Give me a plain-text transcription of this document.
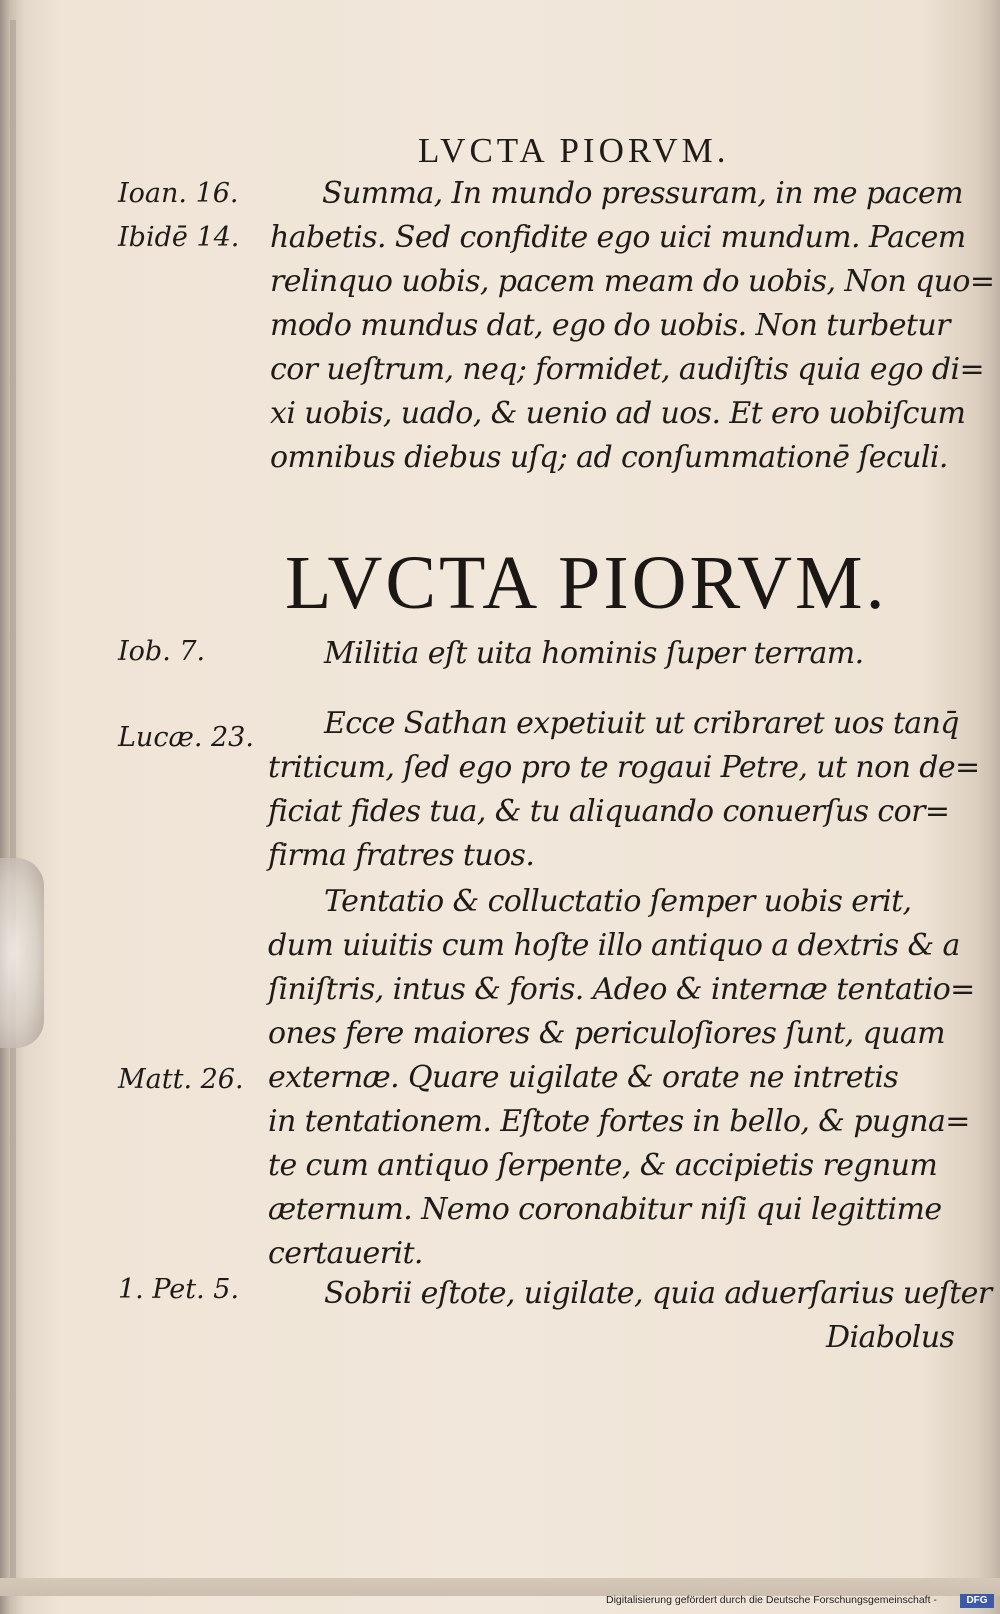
LVCTA PIORVM.
Ioan. 16.
Ibidē 14.
Iob. 7.
Lucæ. 23.
Matt. 26.
1. Pet. 5.
Summa, In mundo pressuram, in me pacem
habetis. Sed confidite ego uici mundum. Pacem
relinquo uobis, pacem meam do uobis, Non quo=
modo mundus dat, ego do uobis. Non turbetur
cor ueſtrum, neq; formidet, audiſtis quia ego di=
xi uobis, uado, & uenio ad uos. Et ero uobiſcum
omnibus diebus uſq; ad conſummationē ſeculi.
LVCTA PIORVM.
Militia eſt uita hominis ſuper terram.
Ecce Sathan expetiuit ut cribraret uos tanq̄
triticum, ſed ego pro te rogaui Petre, ut non de=
ficiat fides tua, & tu aliquando conuerſus cor=
firma fratres tuos.
Tentatio & colluctatio ſemper uobis erit,
dum uiuitis cum hoſte illo antiquo a dextris & a
ſiniſtris, intus & foris. Adeo & internæ tentatio=
ones fere maiores & periculoſiores ſunt, quam
externæ. Quare uigilate & orate ne intretis
in tentationem. Eſtote fortes in bello, & pugna=
te cum antiquo ſerpente, & accipietis regnum
æternum. Nemo coronabitur niſi qui legittime
certauerit.
Sobrii eſtote, uigilate, quia aduerſarius ueſter
Diabolus
Digitalisierung gefördert durch die Deutsche Forschungsgemeinschaft -	DFG
